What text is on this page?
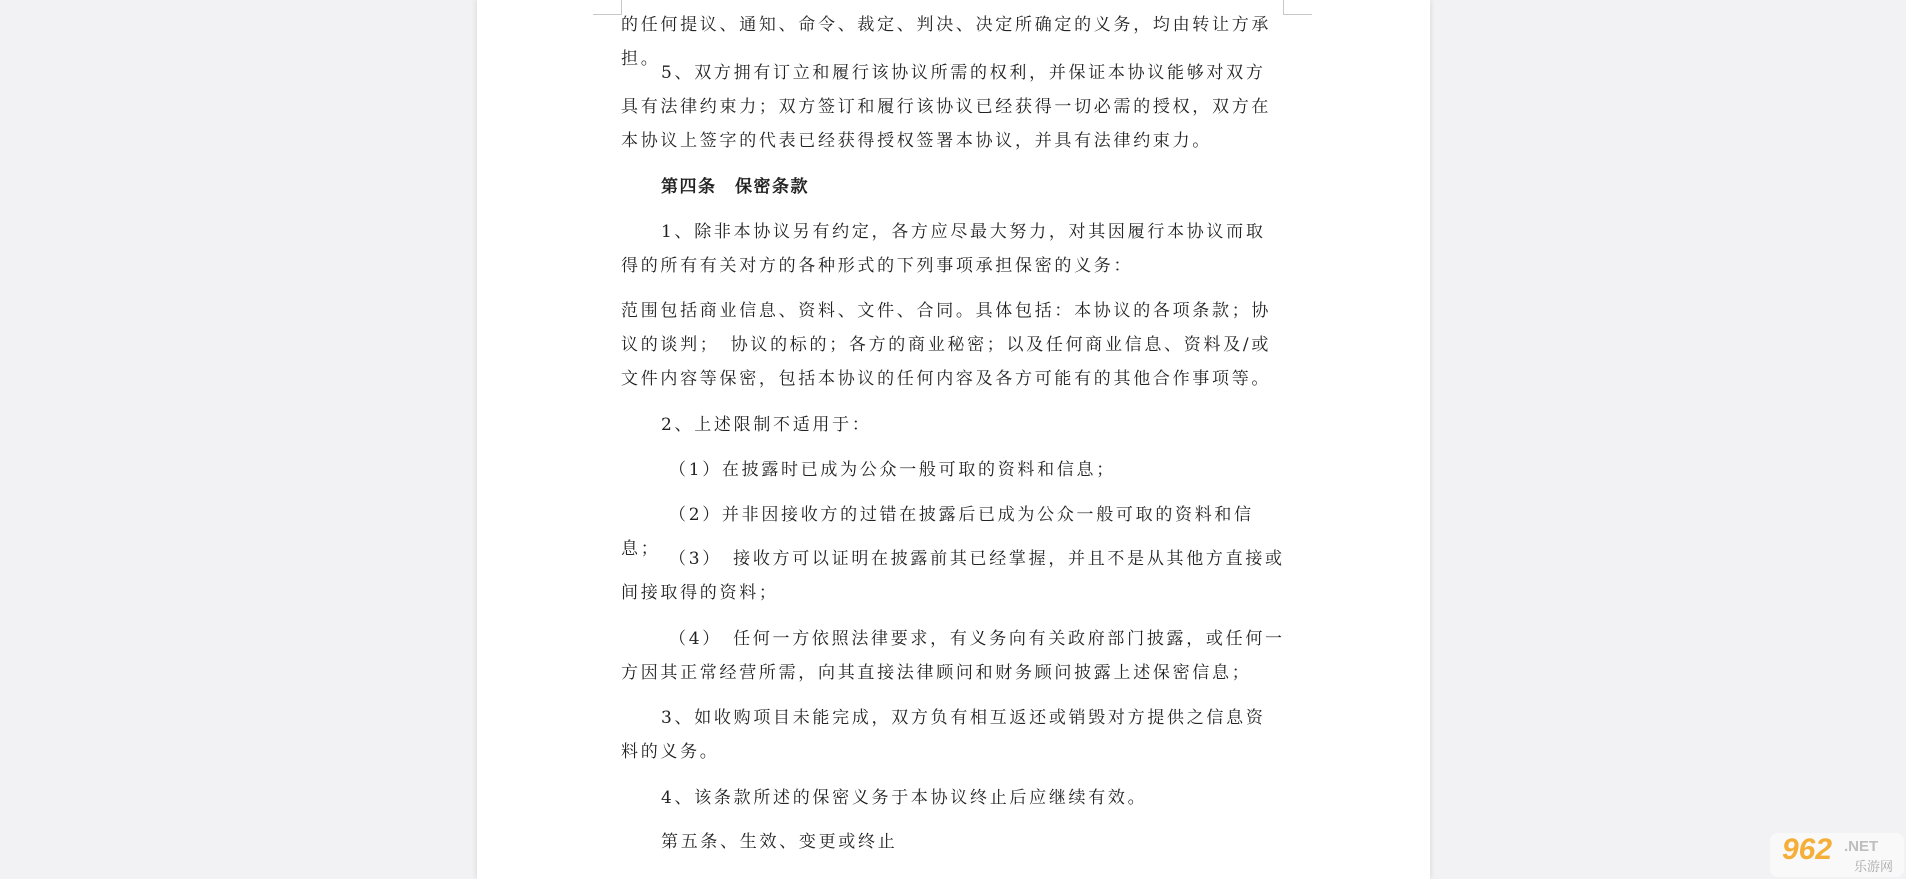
的任何提议、通知、命令、裁定、判决、决定所确定的义务，均由转让方承担。
5、双方拥有订立和履行该协议所需的权利，并保证本协议能够对双方具有法律约束力；双方签订和履行该协议已经获得一切必需的授权，双方在本协议上签字的代表已经获得授权签署本协议，并具有法律约束力。
第四条　保密条款
1、除非本协议另有约定，各方应尽最大努力，对其因履行本协议而取得的所有有关对方的各种形式的下列事项承担保密的义务：
范围包括商业信息、资料、文件、合同。具体包括：本协议的各项条款；协议的谈判；　协议的标的；各方的商业秘密；以及任何商业信息、资料及/或文件内容等保密，包括本协议的任何内容及各方可能有的其他合作事项等。
2、上述限制不适用于：
（1）在披露时已成为公众一般可取的资料和信息；
（2）并非因接收方的过错在披露后已成为公众一般可取的资料和信息； （3）　接收方可以证明在披露前其已经掌握，并且不是从其他方直接或间接取得的资料；
（4）　任何一方依照法律要求，有义务向有关政府部门披露，或任何一方因其正常经营所需，向其直接法律顾问和财务顾问披露上述保密信息；
3、如收购项目未能完成，双方负有相互返还或销毁对方提供之信息资料的义务。
4、该条款所述的保密义务于本协议终止后应继续有效。
第五条、生效、变更或终止	962 .NET
乐游网
